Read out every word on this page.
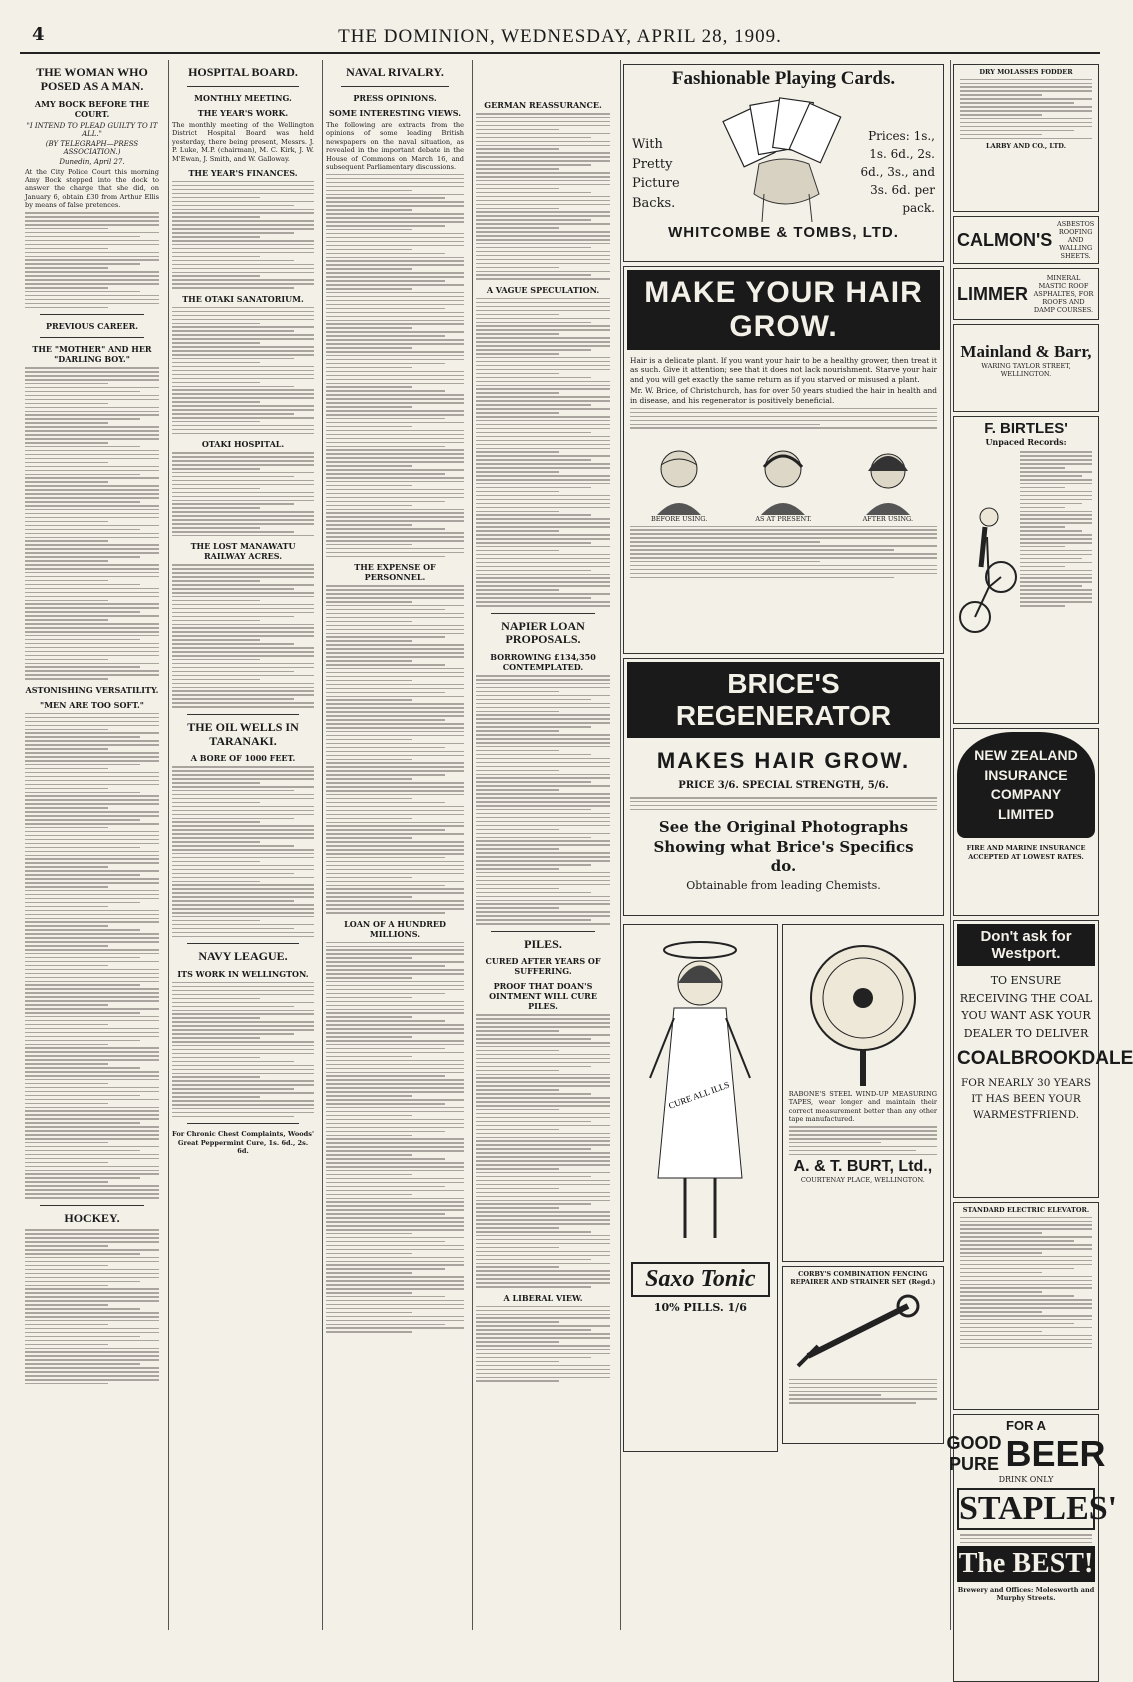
4	THE DOMINION, WEDNESDAY, APRIL 28, 1909.
THE WOMAN WHO POSED AS A MAN.
AMY BOCK BEFORE THE COURT.
"I INTEND TO PLEAD GUILTY TO IT ALL."
(BY TELEGRAPH—PRESS ASSOCIATION.)
Dunedin, April 27.

At the City Police Court this morning Amy Bock stepped into the dock to answer the charge that she did, on January 6, obtain £30 from Arthur Ellis by means of false pretences.

PREVIOUS CAREER.
THE "MOTHER" AND HER "DARLING BOY."
ASTONISHING VERSATILITY.
"MEN ARE TOO SOFT."
HOCKEY.
HOSPITAL BOARD.
MONTHLY MEETING.
THE YEAR'S WORK.

The monthly meeting of the Wellington District Hospital Board was held yesterday, there being present, Messrs. J. P. Luke, M.P. (chairman), M. C. Kirk, J. W. M'Ewan, J. Smith, and W. Galloway.

THE YEAR'S FINANCES.
THE OTAKI SANATORIUM.
OTAKI HOSPITAL.
THE LOST MANAWATU RAILWAY ACRES.
THE OIL WELLS IN TARANAKI.
A BORE OF 1000 FEET.
NAVY LEAGUE.
ITS WORK IN WELLINGTON.

For Chronic Chest Complaints, Woods' Great Peppermint Cure, 1s. 6d., 2s. 6d.

NAVAL RIVALRY.
PRESS OPINIONS.
SOME INTERESTING VIEWS.

The following are extracts from the opinions of some leading British newspapers on the naval situation, as revealed in the important debate in the House of Commons on March 16, and subsequent Parliamentary discussions.

THE EXPENSE OF PERSONNEL.
LOAN OF A HUNDRED MILLIONS.
GERMAN REASSURANCE.
A VAGUE SPECULATION.
NAPIER LOAN PROPOSALS.
BORROWING £134,350 CONTEMPLATED.
PILES.
CURED AFTER YEARS OF SUFFERING.
PROOF THAT DOAN'S OINTMENT WILL CURE PILES.
A LIBERAL VIEW.
Fashionable Playing Cards.
With Pretty Picture Backs.
Prices: 1s., 1s. 6d., 2s. 6d., 3s., and 3s. 6d. per pack.
WHITCOMBE & TOMBS, LTD.
MAKE YOUR HAIR GROW.

Hair is a delicate plant. If you want your hair to be a healthy grower, then treat it as such. Give it attention; see that it does not lack nourishment. Starve your hair and you will get exactly the same return as if you starved or misused a plant.

Mr. W. Brice, of Christchurch, has for over 50 years studied the hair in health and in disease, and his regenerator is positively beneficial.

BEFORE USING.	AS AT PRESENT.	AFTER USING.
BRICE'S REGENERATOR
MAKES HAIR GROW.
PRICE 3/6. SPECIAL STRENGTH, 5/6.
See the Original Photographs Showing what Brice's Specifics do.
Obtainable from leading Chemists.
CURE ALL ILLS
Saxo Tonic
10% PILLS. 1/6

RABONE'S STEEL WIND-UP MEASURING TAPES, wear longer and maintain their correct measurement better than any other tape manufactured.

A. & T. BURT, Ltd.,
COURTENAY PLACE, WELLINGTON.
CORBY'S COMBINATION FENCING REPAIRER AND STRAINER SET (Regd.)
DRY MOLASSES FODDER
LARBY AND CO., LTD.
CALMON'S
ASBESTOS ROOFING AND WALLING SHEETS.
LIMMER
MINERAL MASTIC ROOF ASPHALTES, FOR ROOFS AND DAMP COURSES.
Mainland & Barr,
WARING TAYLOR STREET, WELLINGTON.
F. BIRTLES'
Unpaced Records:
NEW ZEALAND INSURANCE COMPANY LIMITED
FIRE AND MARINE INSURANCE ACCEPTED AT LOWEST RATES.
Don't ask for Westport.
TO ENSURE RECEIVING THE COAL YOU WANT ASK YOUR DEALER TO DELIVER
COALBROOKDALE
FOR NEARLY 30 YEARS IT HAS BEEN YOUR WARMESTFRIEND.
STANDARD ELECTRIC ELEVATOR.
FOR A
GOOD
PURE BEER
DRINK ONLY
STAPLES'
The BEST!
Brewery and Offices: Molesworth and Murphy Streets.
